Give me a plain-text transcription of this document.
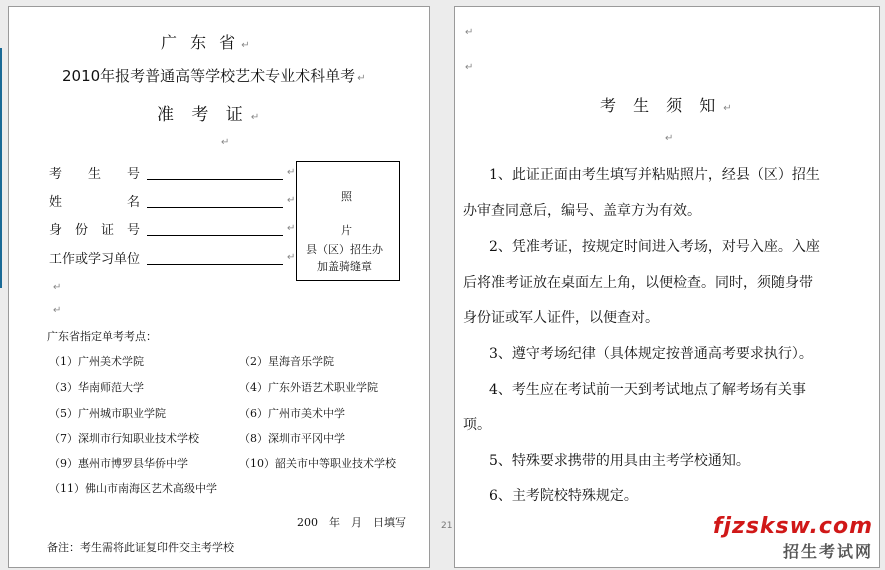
广 东 省 ↵
2010年报考普通高等学校艺术专业术科单考 ↵
准 考 证 ↵
↵
考　　生　　号	↵
姓　　　　　名	↵
身　份　证　号	↵
工作或学习单位	↵
照
片
县（区）招生办
加盖骑缝章
↵
↵
广东省指定单考考点：
（1）广州美术学院	（2）星海音乐学院
（3）华南师范大学	（4）广东外语艺术职业学院
（5）广州城市职业学院	（6）广州市美术中学
（7）深圳市行知职业技术学校	（8）深圳市平冈中学
（9）惠州市博罗县华侨中学	（10）韶关市中等职业技术学校
（11）佛山市南海区艺术高级中学
200　年　月　日填写
备注：考生需将此证复印件交主考学校
21
↵
↵
考 生 须 知 ↵
↵
1、此证正面由考生填写并粘贴照片，经县（区）招生
办审查同意后，编号、盖章方为有效。
2、凭准考证，按规定时间进入考场，对号入座。入座
后将准考证放在桌面左上角，以便检查。同时，须随身带
身份证或军人证件，以便查对。
3、遵守考场纪律（具体规定按普通高考要求执行）。
4、考生应在考试前一天到考试地点了解考场有关事
项。
5、特殊要求携带的用具由主考学校通知。
6、主考院校特殊规定。
fjzsksw.com
招生考试网
